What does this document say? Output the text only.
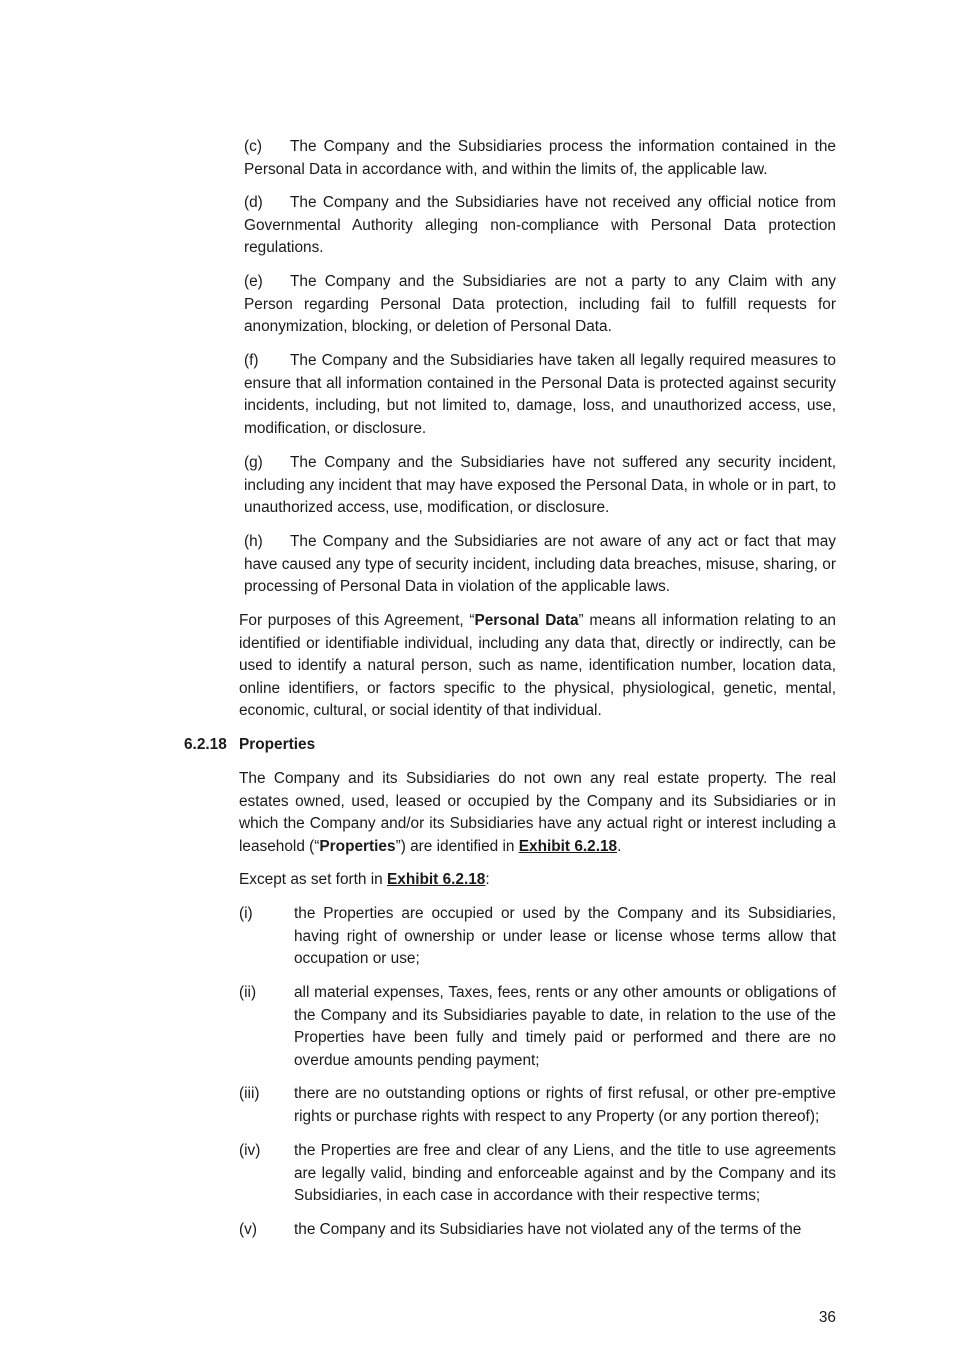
(c) The Company and the Subsidiaries process the information contained in the Personal Data in accordance with, and within the limits of, the applicable law.

(d) The Company and the Subsidiaries have not received any official notice from Governmental Authority alleging non-compliance with Personal Data protection regulations.

(e) The Company and the Subsidiaries are not a party to any Claim with any Person regarding Personal Data protection, including fail to fulfill requests for anonymization, blocking, or deletion of Personal Data.

(f) The Company and the Subsidiaries have taken all legally required measures to ensure that all information contained in the Personal Data is protected against security incidents, including, but not limited to, damage, loss, and unauthorized access, use, modification, or disclosure.

(g) The Company and the Subsidiaries have not suffered any security incident, including any incident that may have exposed the Personal Data, in whole or in part, to unauthorized access, use, modification, or disclosure.

(h) The Company and the Subsidiaries are not aware of any act or fact that may have caused any type of security incident, including data breaches, misuse, sharing, or processing of Personal Data in violation of the applicable laws.

For purposes of this Agreement, “Personal Data” means all information relating to an identified or identifiable individual, including any data that, directly or indirectly, can be used to identify a natural person, such as name, identification number, location data, online identifiers, or factors specific to the physical, physiological, genetic, mental, economic, cultural, or social identity of that individual.

6.2.18 Properties

The Company and its Subsidiaries do not own any real estate property. The real estates owned, used, leased or occupied by the Company and its Subsidiaries or in which the Company and/or its Subsidiaries have any actual right or interest including a leasehold (“Properties”) are identified in Exhibit 6.2.18.

Except as set forth in Exhibit 6.2.18:

(i)	the Properties are occupied or used by the Company and its Subsidiaries, having right of ownership or under lease or license whose terms allow that occupation or use;
(ii) all material expenses, Taxes, fees, rents or any other amounts or obligations of the Company and its Subsidiaries payable to date, in relation to the use of the Properties have been fully and timely paid or performed and there are no overdue amounts pending payment;
(iii) there are no outstanding options or rights of first refusal, or other pre-emptive rights or purchase rights with respect to any Property (or any portion thereof);
(iv) the Properties are free and clear of any Liens, and the title to use agreements are legally valid, binding and enforceable against and by the Company and its Subsidiaries, in each case in accordance with their respective terms;
(v) the Company and its Subsidiaries have not violated any of the terms of the
36
